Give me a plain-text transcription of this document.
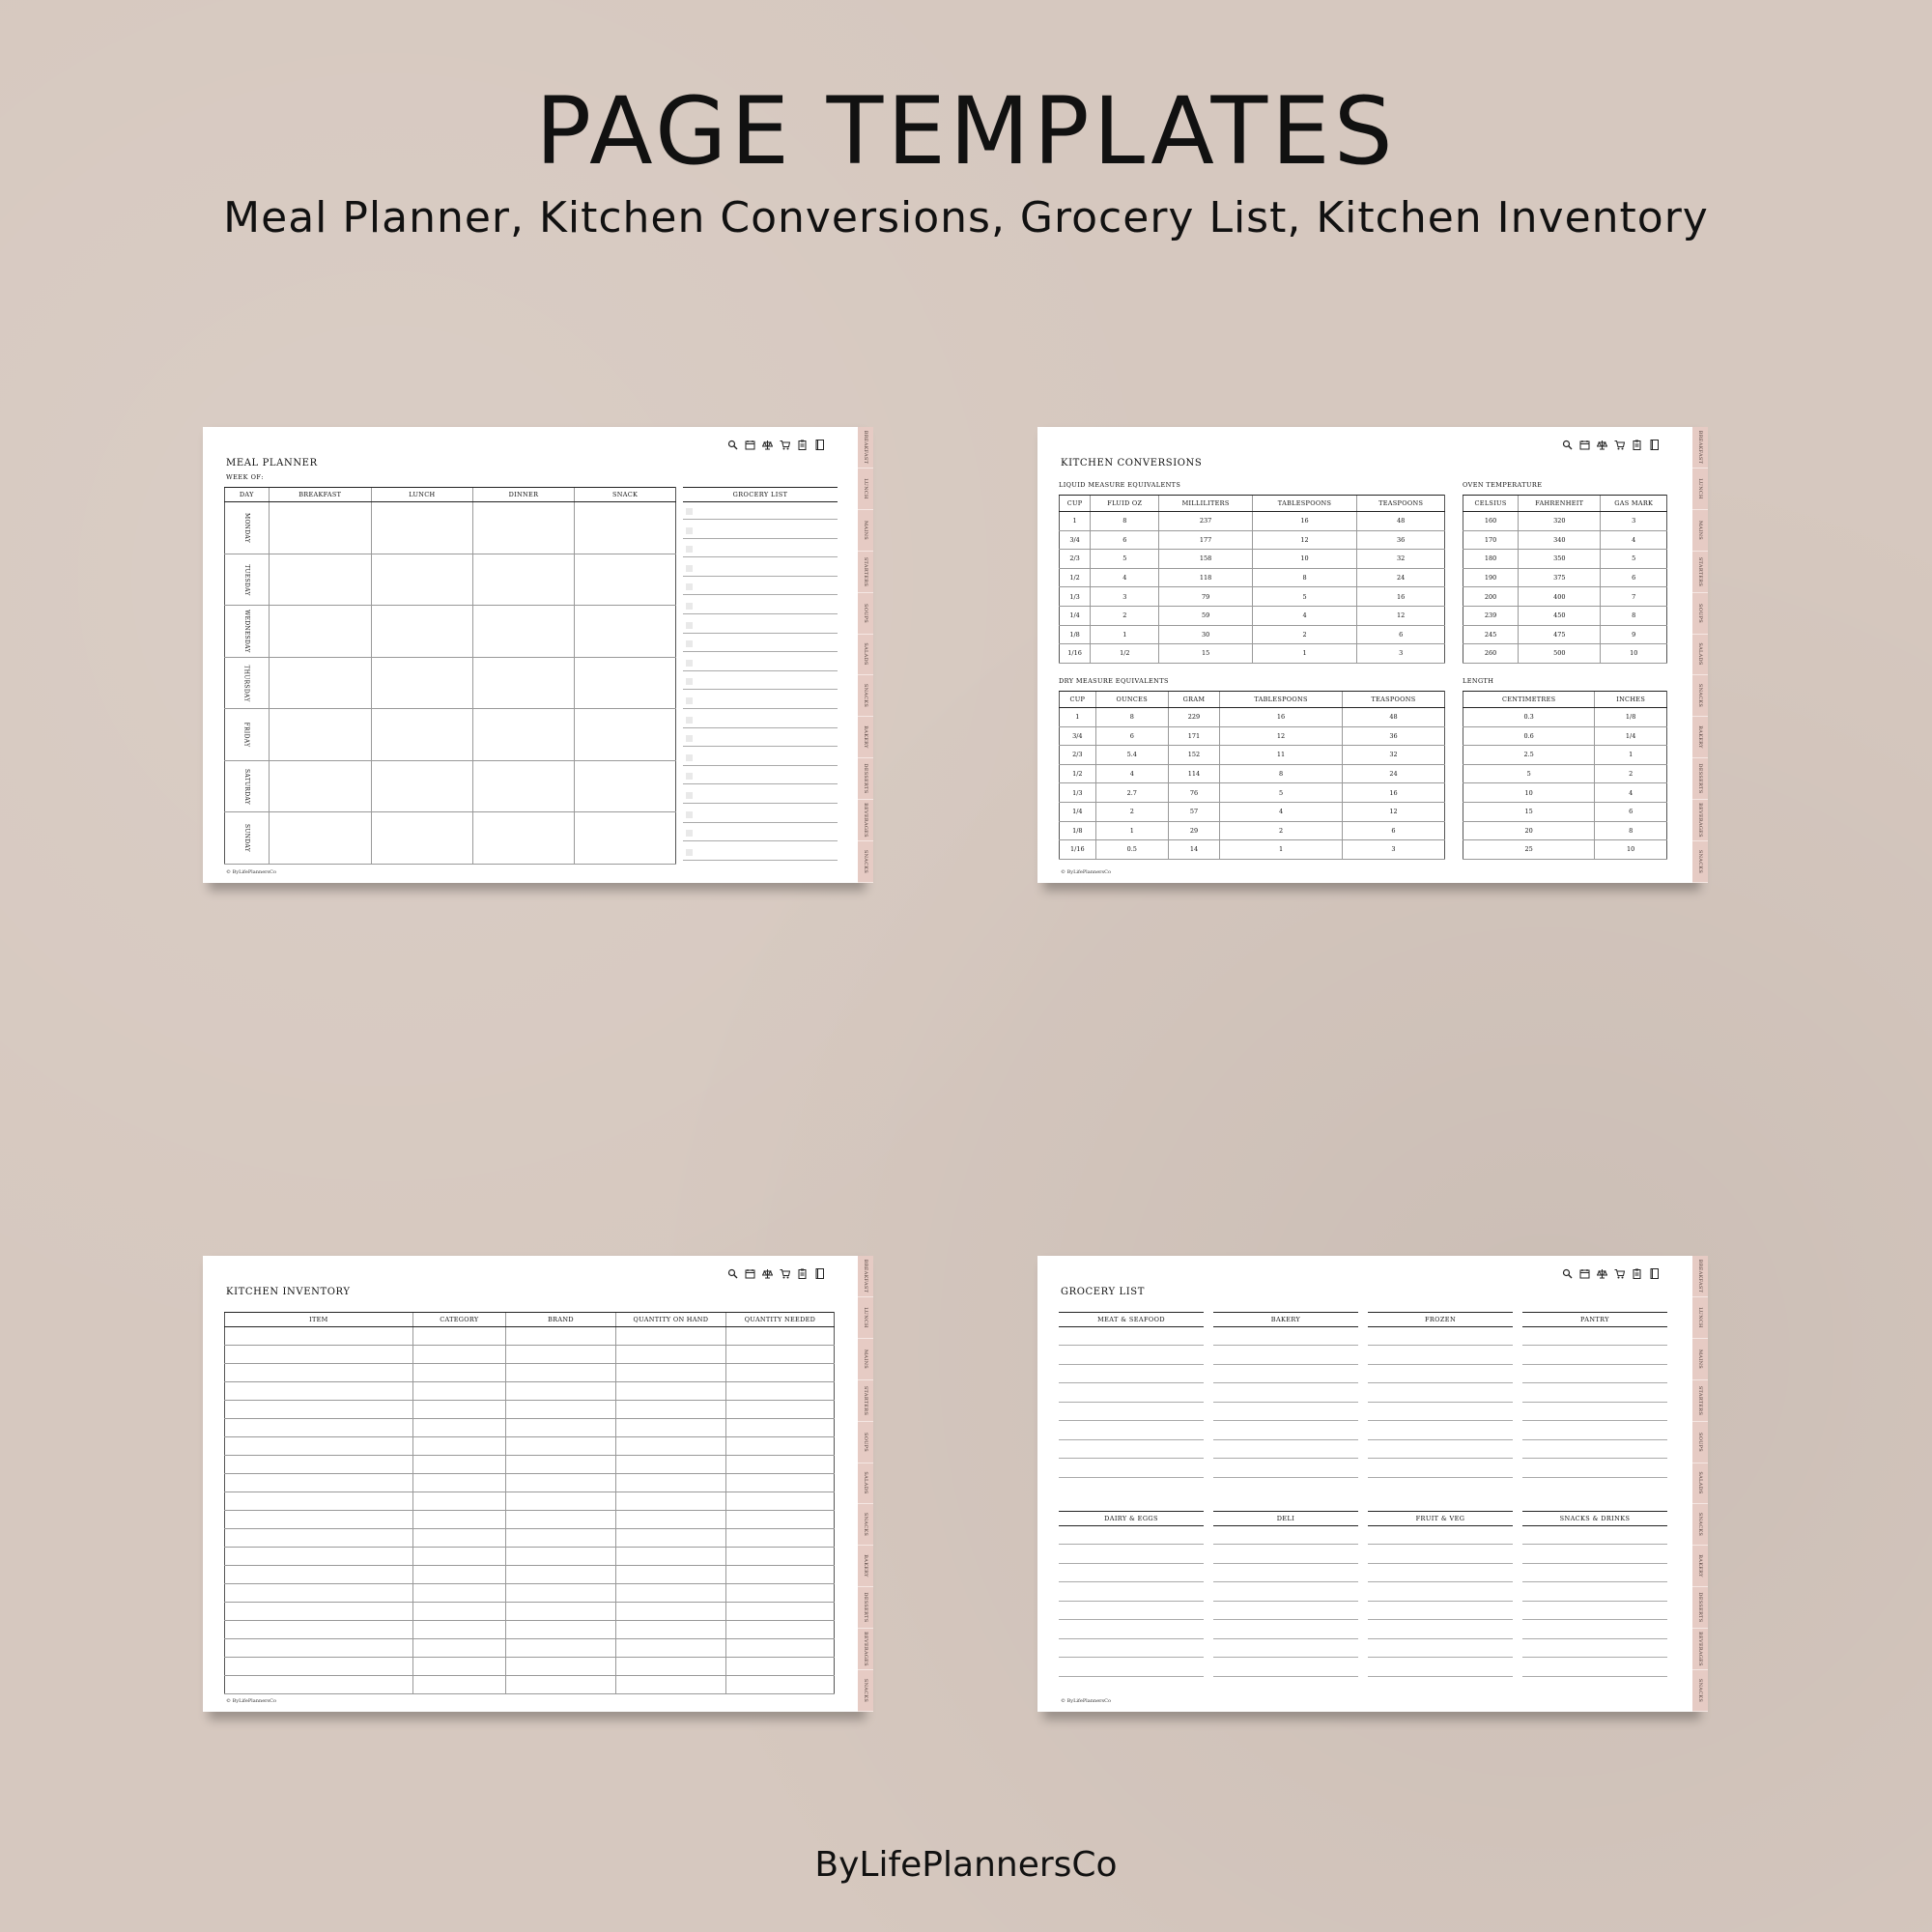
PAGE TEMPLATES
Meal Planner, Kitchen Conversions, Grocery List, Kitchen Inventory
MEAL PLANNER
WEEK OF:
DAY	BREAKFAST	LUNCH	DINNER	SNACK
MONDAY				
TUESDAY				
WEDNESDAY				
THURSDAY				
FRIDAY				
SATURDAY				
SUNDAY				
GROCERY LIST
© ByLifePlannersCo
BREAKFAST
LUNCH
MAINS
STARTERS
SOUPS
SALADS
SNACKS
BAKERY
DESSERTS
BEVERAGES
SNACKS
KITCHEN CONVERSIONS
LIQUID MEASURE EQUIVALENTS
CUP	FLUID OZ	MILLILITERS	TABLESPOONS	TEASPOONS
1	8	237	16	48
3/4	6	177	12	36
2/3	5	158	10	32
1/2	4	118	8	24
1/3	3	79	5	16
1/4	2	59	4	12
1/8	1	30	2	6
1/16	1/2	15	1	3
OVEN TEMPERATURE
CELSIUS	FAHRENHEIT	GAS MARK
160	320	3
170	340	4
180	350	5
190	375	6
200	400	7
239	450	8
245	475	9
260	500	10
DRY MEASURE EQUIVALENTS
CUP	OUNCES	GRAM	TABLESPOONS	TEASPOONS
1	8	229	16	48
3/4	6	171	12	36
2/3	5.4	152	11	32
1/2	4	114	8	24
1/3	2.7	76	5	16
1/4	2	57	4	12
1/8	1	29	2	6
1/16	0.5	14	1	3
LENGTH
CENTIMETRES	INCHES
0.3	1/8
0.6	1/4
2.5	1
5	2
10	4
15	6
20	8
25	10
© ByLifePlannersCo
BREAKFAST
LUNCH
MAINS
STARTERS
SOUPS
SALADS
SNACKS
BAKERY
DESSERTS
BEVERAGES
SNACKS
KITCHEN INVENTORY
ITEM	CATEGORY	BRAND	QUANTITY ON HAND	QUANTITY NEEDED

© ByLifePlannersCo
BREAKFAST
LUNCH
MAINS
STARTERS
SOUPS
SALADS
SNACKS
BAKERY
DESSERTS
BEVERAGES
SNACKS
GROCERY LIST
MEAT & SEAFOOD	BAKERY	FROZEN	PANTRY
DAIRY & EGGS	DELI	FRUIT & VEG	SNACKS & DRINKS
© ByLifePlannersCo
BREAKFAST
LUNCH
MAINS
STARTERS
SOUPS
SALADS
SNACKS
BAKERY
DESSERTS
BEVERAGES
SNACKS
ByLifePlannersCo
